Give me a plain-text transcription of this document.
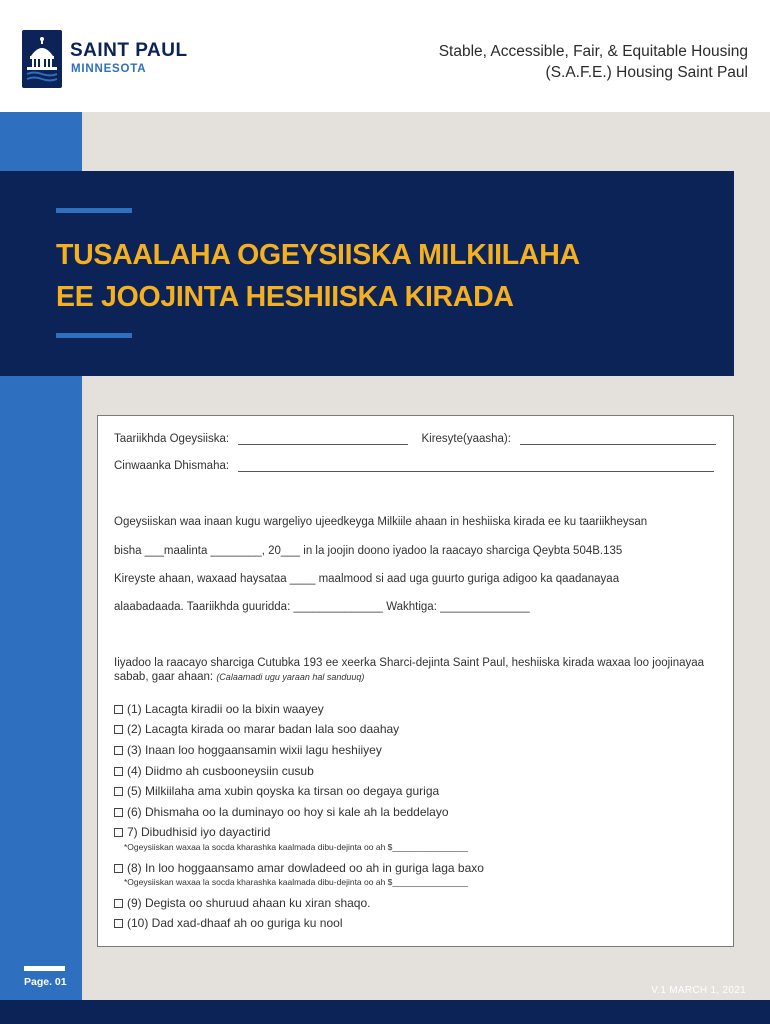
SAINT PAUL
MINNESOTA
Stable, Accessible, Fair, & Equitable Housing
(S.A.F.E.) Housing Saint Paul
TUSAALAHA OGEYSIISKA MILKIILAHA
EE JOOJINTA HESHIISKA KIRADA
Taariikhda Ogeysiiska:	Kiresyte(yaasha):
Cinwaanka Dhismaha:
Ogeysiiskan waa inaan kugu wargeliyo ujeedkeyga Milkiile ahaan in heshiiska kirada ee ku taariikheysan
bisha ___maalinta ________, 20___ in la joojin doono iyadoo la raacayo sharciga Qeybta 504B.135
Kireyste ahaan, waxaad haysataa ____ maalmood si aad uga guurto guriga adigoo ka qaadanayaa
alaabadaada. Taariikhda guuridda: ______________ Wakhtiga: ______________
Iiyadoo la raacayo sharciga Cutubka 193 ee xeerka Sharci-dejinta Saint Paul, heshiiska kirada waxaa loo joojinayaa sabab, gaar ahaan: (Calaamadi ugu yaraan hal sanduuq)
(1) Lacagta kiradii oo la bixin waayey
(2) Lacagta kirada oo marar badan lala soo daahay
(3) Inaan loo hoggaansamin wixii lagu heshiiyey
(4) Diidmo ah cusbooneysiin cusub
(5) Milkiilaha ama xubin qoyska ka tirsan oo degaya guriga
(6) Dhismaha oo la duminayo oo hoy si kale ah la beddelayo
7) Dibudhisid iyo dayactirid
*Ogeysiiskan waxaa la socda kharashka kaalmada dibu-dejinta oo ah $________________
(8) In loo hoggaansamo amar dowladeed oo ah in guriga laga baxo
*Ogeysiiskan waxaa la socda kharashka kaalmada dibu-dejinta oo ah $________________
(9) Degista oo shuruud ahaan ku xiran shaqo.
(10) Dad xad-dhaaf ah oo guriga ku nool
Page. 01
V.1 MARCH 1, 2021
